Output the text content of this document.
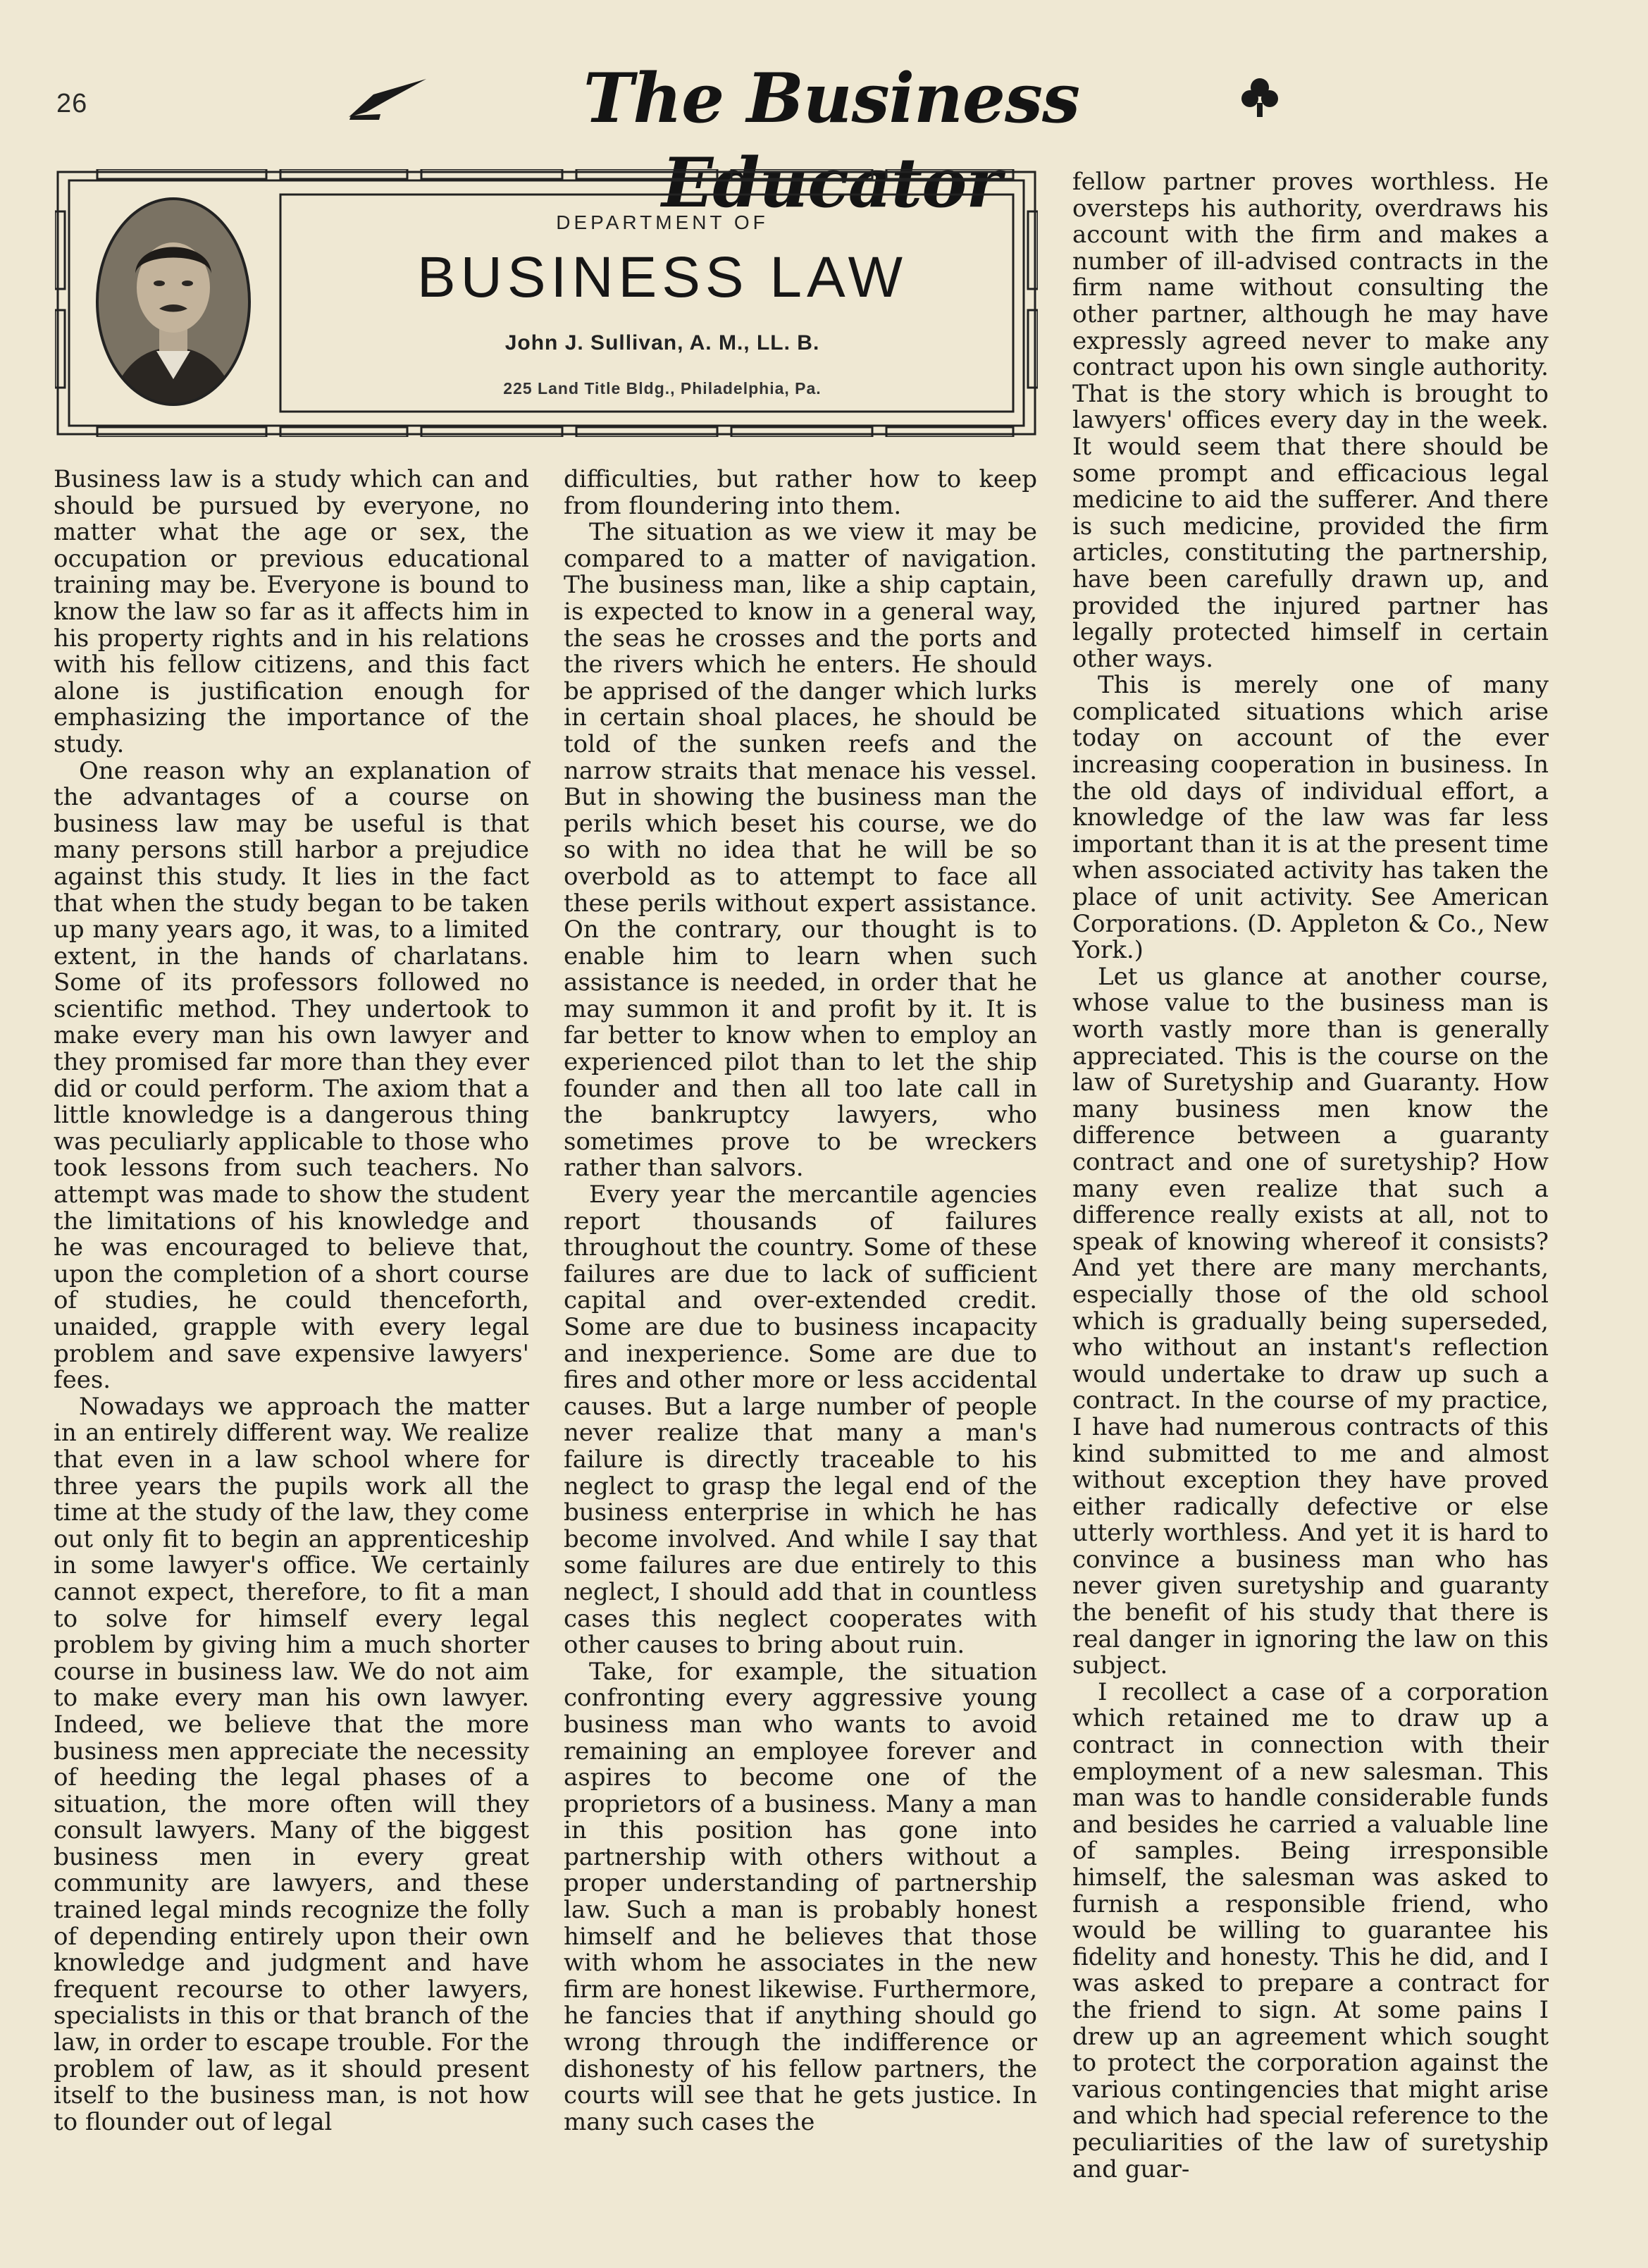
26	The Business Educator
DEPARTMENT OF
BUSINESS LAW
John J. Sullivan, A. M., LL. B.
225 Land Title Bldg., Philadelphia, Pa.

Business law is a study which can and should be pursued by everyone, no matter what the age or sex, the occupation or previous educational training may be. Everyone is bound to know the law so far as it affects him in his property rights and in his relations with his fellow citizens, and this fact alone is justification enough for emphasizing the importance of the study.

One reason why an explanation of the advantages of a course on business law may be useful is that many persons still harbor a prejudice against this study. It lies in the fact that when the study began to be taken up many years ago, it was, to a limited extent, in the hands of charlatans. Some of its professors followed no scientific method. They undertook to make every man his own lawyer and they promised far more than they ever did or could perform. The axiom that a little knowledge is a dangerous thing was peculiarly applicable to those who took lessons from such teachers. No attempt was made to show the student the limitations of his knowledge and he was encouraged to believe that, upon the completion of a short course of studies, he could thenceforth, unaided, grapple with every legal problem and save expensive lawyers' fees.

Nowadays we approach the matter in an entirely different way. We realize that even in a law school where for three years the pupils work all the time at the study of the law, they come out only fit to begin an apprenticeship in some lawyer's office. We certainly cannot expect, therefore, to fit a man to solve for himself every legal problem by giving him a much shorter course in business law. We do not aim to make every man his own lawyer. Indeed, we believe that the more business men appreciate the necessity of heeding the legal phases of a situation, the more often will they consult lawyers. Many of the biggest business men in every great community are lawyers, and these trained legal minds recognize the folly of depending entirely upon their own knowledge and judgment and have frequent recourse to other lawyers, specialists in this or that branch of the law, in order to escape trouble. For the problem of law, as it should present itself to the business man, is not how to flounder out of legal

difficulties, but rather how to keep from floundering into them.

The situation as we view it may be compared to a matter of navigation. The business man, like a ship captain, is expected to know in a general way, the seas he crosses and the ports and the rivers which he enters. He should be apprised of the danger which lurks in certain shoal places, he should be told of the sunken reefs and the narrow straits that menace his vessel. But in showing the business man the perils which beset his course, we do so with no idea that he will be so overbold as to attempt to face all these perils without expert assistance. On the contrary, our thought is to enable him to learn when such assistance is needed, in order that he may summon it and profit by it. It is far better to know when to employ an experienced pilot than to let the ship founder and then all too late call in the bankruptcy lawyers, who sometimes prove to be wreckers rather than salvors.

Every year the mercantile agencies report thousands of failures throughout the country. Some of these failures are due to lack of sufficient capital and over-extended credit. Some are due to business incapacity and inexperience. Some are due to fires and other more or less accidental causes. But a large number of people never realize that many a man's failure is directly traceable to his neglect to grasp the legal end of the business enterprise in which he has become involved. And while I say that some failures are due entirely to this neglect, I should add that in countless cases this neglect cooperates with other causes to bring about ruin.

Take, for example, the situation confronting every aggressive young business man who wants to avoid remaining an employee forever and aspires to become one of the proprietors of a business. Many a man in this position has gone into partnership with others without a proper understanding of partnership law. Such a man is probably honest himself and he believes that those with whom he associates in the new firm are honest likewise. Furthermore, he fancies that if anything should go wrong through the indifference or dishonesty of his fellow partners, the courts will see that he gets justice. In many such cases the

fellow partner proves worthless. He oversteps his authority, overdraws his account with the firm and makes a number of ill-advised contracts in the firm name without consulting the other partner, although he may have expressly agreed never to make any contract upon his own single authority. That is the story which is brought to lawyers' offices every day in the week. It would seem that there should be some prompt and efficacious legal medicine to aid the sufferer. And there is such medicine, provided the firm articles, constituting the partnership, have been carefully drawn up, and provided the injured partner has legally protected himself in certain other ways.

This is merely one of many complicated situations which arise today on account of the ever increasing cooperation in business. In the old days of individual effort, a knowledge of the law was far less important than it is at the present time when associated activity has taken the place of unit activity. See American Corporations. (D. Appleton & Co., New York.)

Let us glance at another course, whose value to the business man is worth vastly more than is generally appreciated. This is the course on the law of Suretyship and Guaranty. How many business men know the difference between a guaranty contract and one of suretyship? How many even realize that such a difference really exists at all, not to speak of knowing whereof it consists? And yet there are many merchants, especially those of the old school which is gradually being superseded, who without an instant's reflection would undertake to draw up such a contract. In the course of my practice, I have had numerous contracts of this kind submitted to me and almost without exception they have proved either radically defective or else utterly worthless. And yet it is hard to convince a business man who has never given suretyship and guaranty the benefit of his study that there is real danger in ignoring the law on this subject.

I recollect a case of a corporation which retained me to draw up a contract in connection with their employment of a new salesman. This man was to handle considerable funds and besides he carried a valuable line of samples. Being irresponsible himself, the salesman was asked to furnish a responsible friend, who would be willing to guarantee his fidelity and honesty. This he did, and I was asked to prepare a contract for the friend to sign. At some pains I drew up an agreement which sought to protect the corporation against the various contingencies that might arise and which had special reference to the peculiarities of the law of suretyship and guar-
